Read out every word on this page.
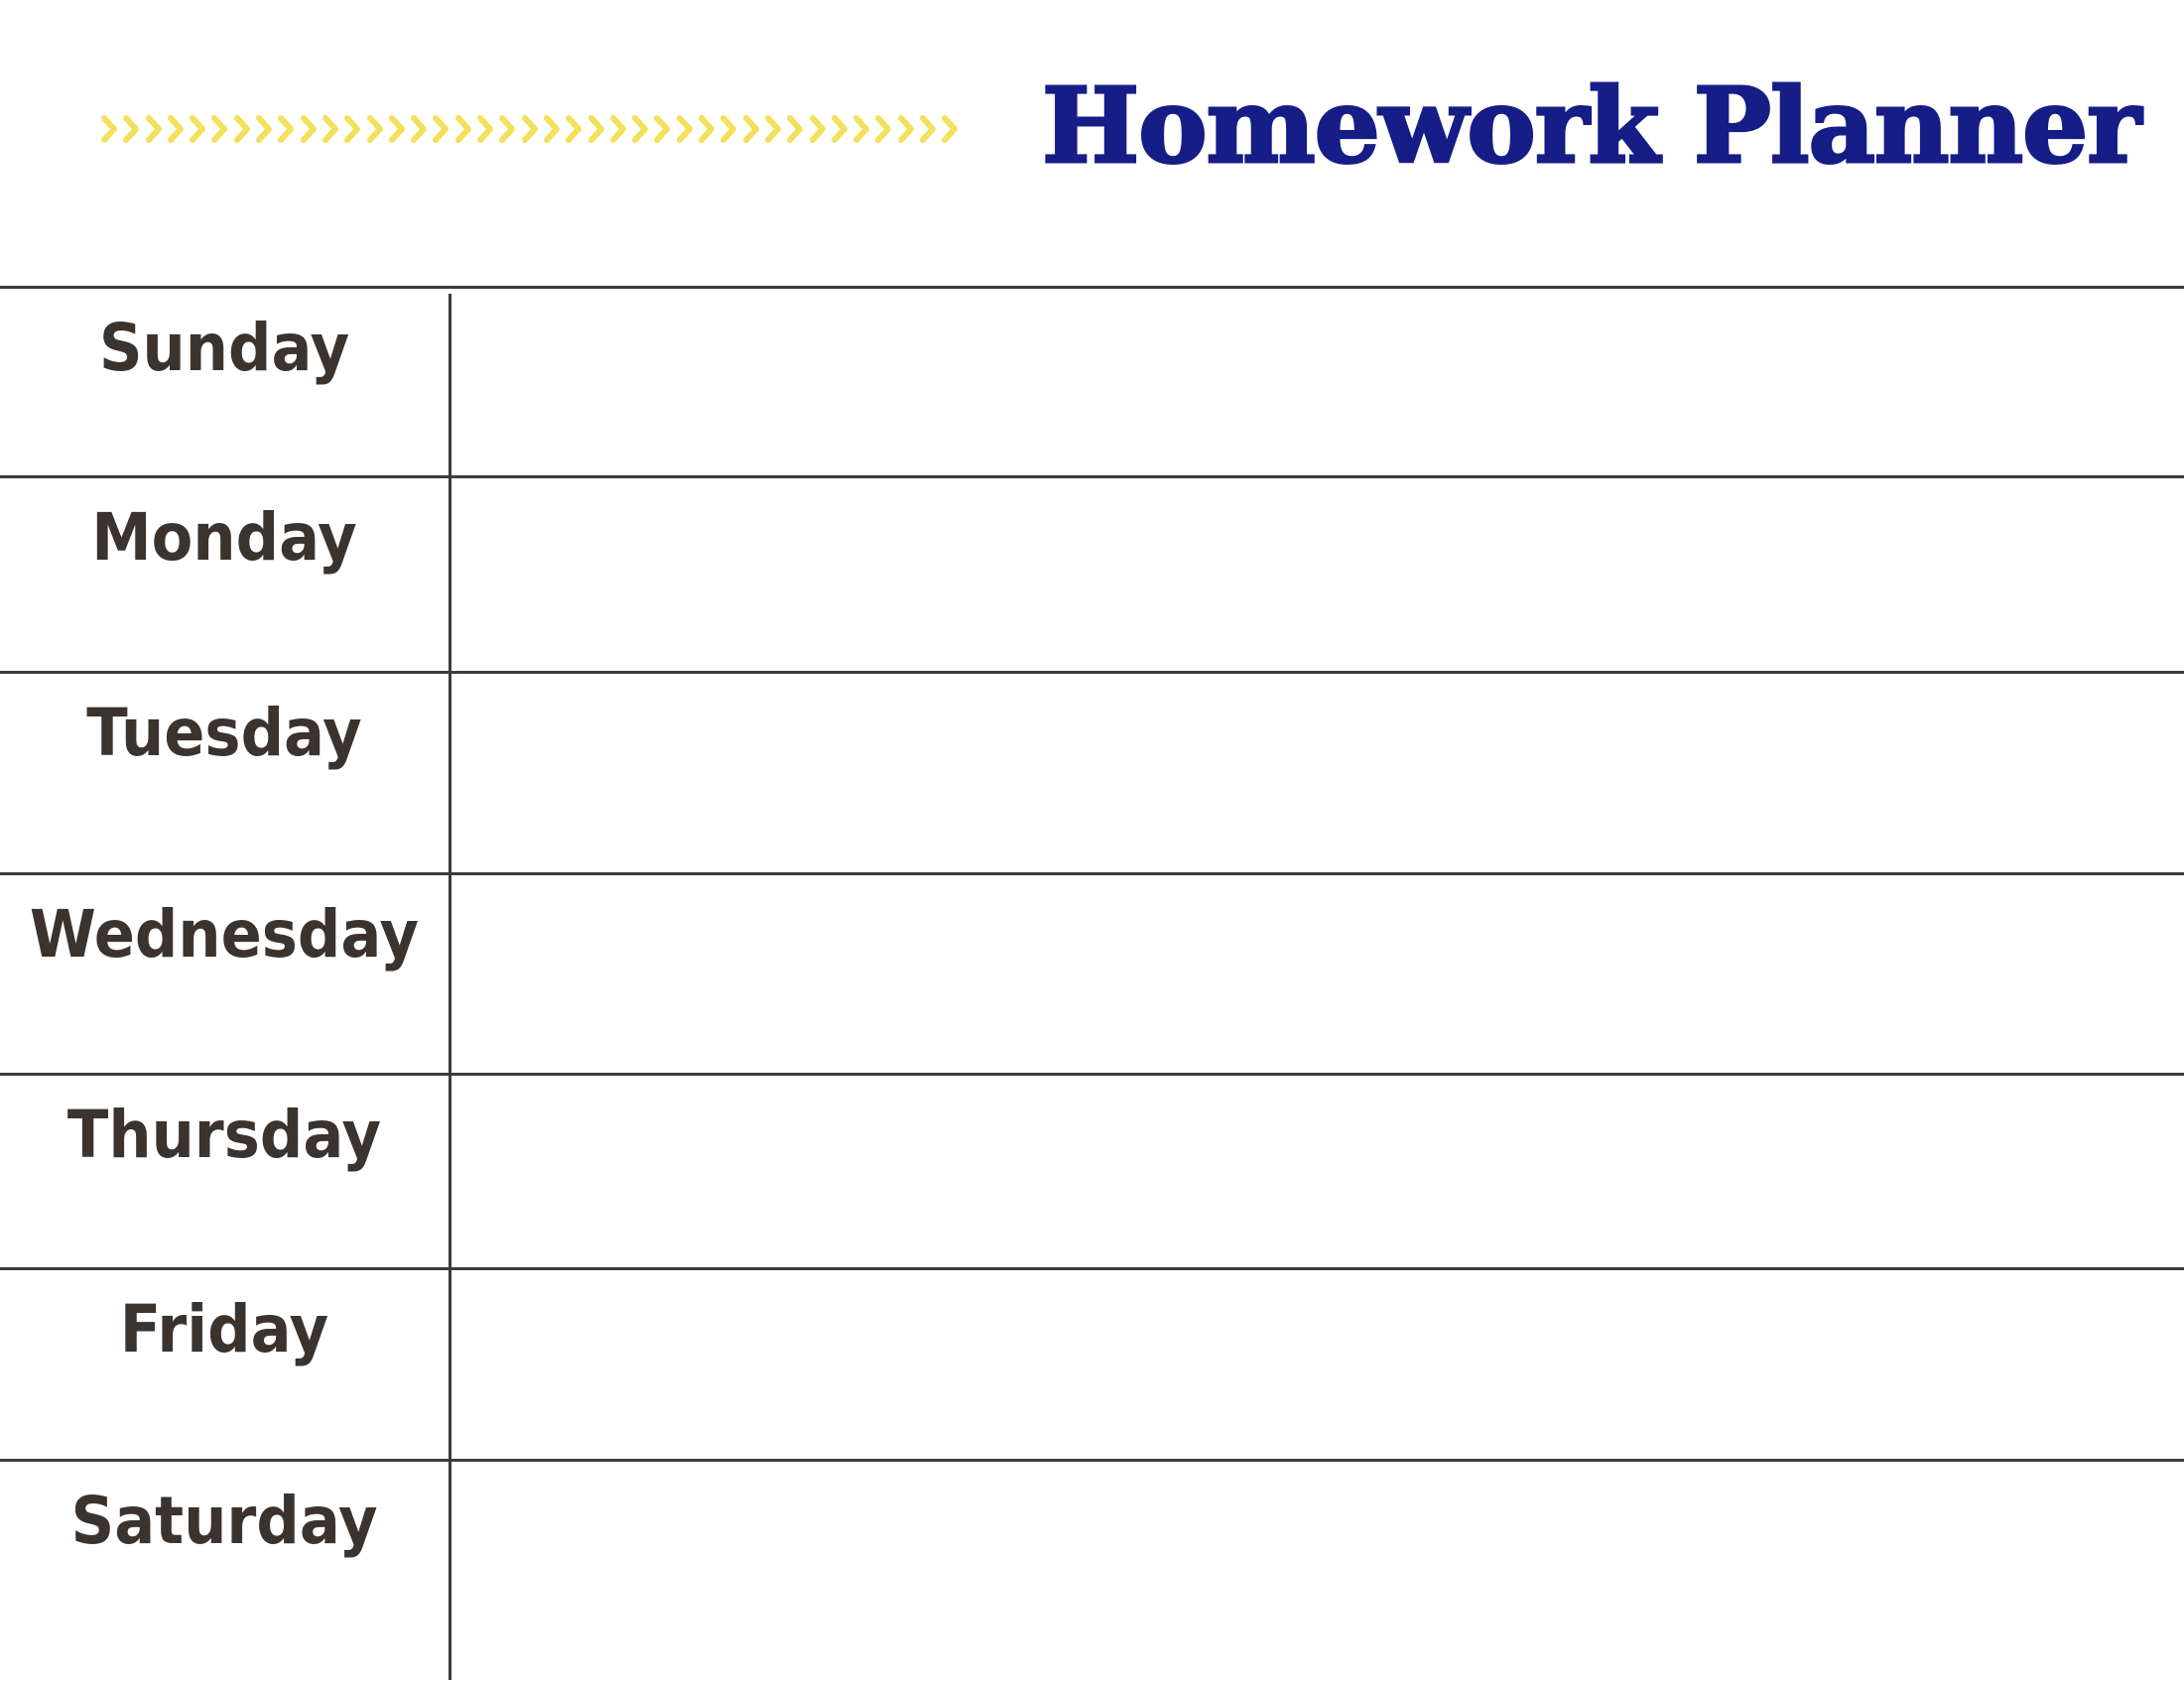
Homework Planner
Sunday
Monday
Tuesday
Wednesday
Thursday
Friday
Saturday
